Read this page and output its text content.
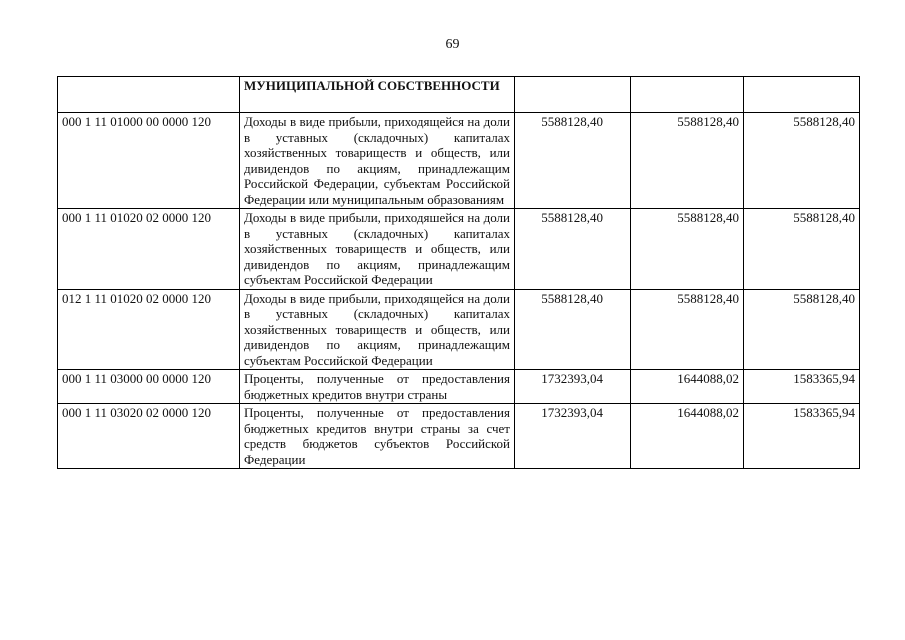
69
	МУНИЦИПАЛЬНОЙ СОБСТВЕННОСТИ			
000 1 11 01000 00 0000 120	Доходы в виде прибыли, приходящейся на доли в уставных (складочных) капиталах хозяйственных товариществ и обществ, или дивидендов по акциям, принадлежащим Российской Федерации, субъектам Российской Федерации или муниципальным образованиям	5588128,40	5588128,40	5588128,40
000 1 11 01020 02 0000 120	Доходы в виде прибыли, приходяшейся на доли в уставных (складочных) капиталах хозяйственных товариществ и обществ, или дивидендов по акциям, принадлежащим субъектам Российской Федерации	5588128,40	5588128,40	5588128,40
012 1 11 01020 02 0000 120	Доходы в виде прибыли, приходящейся на доли в уставных (складочных) капиталах хозяйственных товариществ и обществ, или дивидендов по акциям, принадлежащим субъектам Российской Федерации	5588128,40	5588128,40	5588128,40
000 1 11 03000 00 0000 120	Проценты, полученные от предоставления бюджетных кредитов внутри страны	1732393,04	1644088,02	1583365,94
000 1 11 03020 02 0000 120	Проценты, полученные от предоставления бюджетных кредитов внутри страны за счет средств бюджетов субъектов Российской Федерации	1732393,04	1644088,02	1583365,94
